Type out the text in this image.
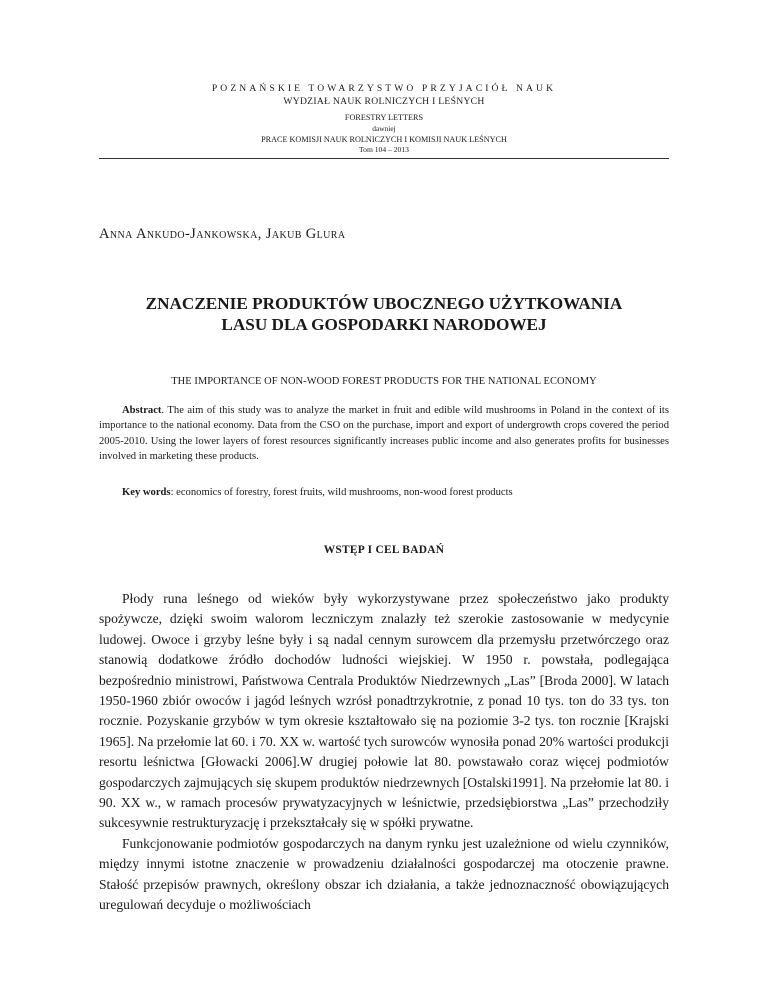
POZNAŃSKIE TOWARZYSTWO PRZYJACIÓŁ NAUK

WYDZIAŁ NAUK ROLNICZYCH I LEŚNYCH

FORESTRY LETTERS

dawniej

PRACE KOMISJI NAUK ROLNICZYCH I KOMISJI NAUK LEŚNYCH

Tom 104 – 2013

Anna Ankudo-Jankowska, Jakub Glura

ZNACZENIE PRODUKTÓW UBOCZNEGO UŻYTKOWANIA
LASU DLA GOSPODARKI NARODOWEJ

THE IMPORTANCE OF NON-WOOD FOREST PRODUCTS FOR THE NATIONAL ECONOMY

Abstract. The aim of this study was to analyze the market in fruit and edible wild mushrooms in Poland in the context of its importance to the national economy. Data from the CSO on the purchase, import and export of undergrowth crops covered the period 2005-2010. Using the lower layers of forest resources significantly increases public income and also generates profits for businesses involved in marketing these products.

Key words: economics of forestry, forest fruits, wild mushrooms, non-wood forest products

WSTĘP I CEL BADAŃ

Płody runa leśnego od wieków były wykorzystywane przez społeczeństwo jako produkty spożywcze, dzięki swoim walorom leczniczym znalazły też szerokie zastosowanie w medycynie ludowej. Owoce i grzyby leśne były i są nadal cennym surowcem dla przemysłu przetwórczego oraz stanowią dodatkowe źródło dochodów ludności wiejskiej. W 1950 r. powstała, podlegająca bezpośrednio ministrowi, Państwowa Centrala Produktów Niedrzewnych „Las” [Broda 2000]. W latach 1950-1960 zbiór owoców i jagód leśnych wzrósł ponadtrzykrotnie, z ponad 10 tys. ton do 33 tys. ton rocznie. Pozyskanie grzybów w tym okresie kształtowało się na poziomie 3-2 tys. ton rocznie [Krajski 1965]. Na przełomie lat 60. i 70. XX w. wartość tych surowców wynosiła ponad 20% wartości produkcji resortu leśnictwa [Głowacki 2006].W drugiej połowie lat 80. powstawało coraz więcej podmiotów gospodarczych zajmujących się skupem produktów niedrzewnych [Ostalski1991]. Na przełomie lat 80. i 90. XX w., w ramach procesów prywatyzacyjnych w leśnictwie, przedsiębiorstwa „Las” przechodziły sukcesywnie restrukturyzację i przekształcały się w spółki prywatne.

Funkcjonowanie podmiotów gospodarczych na danym rynku jest uzależnione od wielu czynników, między innymi istotne znaczenie w prowadzeniu działalności gospodarczej ma otoczenie prawne. Stałość przepisów prawnych, określony obszar ich działania, a także jednoznaczność obowiązujących uregulowań decyduje o możliwościach
